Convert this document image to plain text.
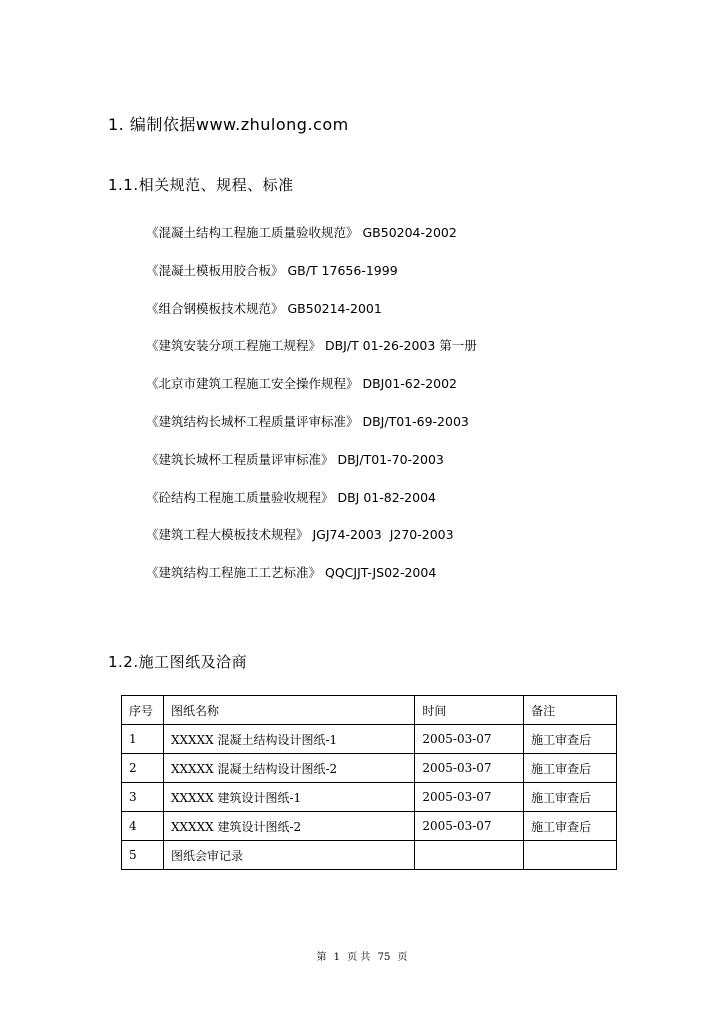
1. 编制依据www.zhulong.com
1.1.相关规范、规程、标准
《混凝土结构工程施工质量验收规范》 GB50204-2002
《混凝土模板用胶合板》 GB/T 17656-1999
《组合钢模板技术规范》 GB50214-2001
《建筑安装分项工程施工规程》 DBJ/T 01-26-2003 第一册
《北京市建筑工程施工安全操作规程》 DBJ01-62-2002
《建筑结构长城杯工程质量评审标准》 DBJ/T01-69-2003
《建筑长城杯工程质量评审标准》 DBJ/T01-70-2003
《砼结构工程施工质量验收规程》 DBJ 01-82-2004
《建筑工程大模板技术规程》 JGJ74-2003  J270-2003
《建筑结构工程施工工艺标准》 QQCJJT-JS02-2004
1.2.施工图纸及洽商
序号	图纸名称	时间	备注
1	XXXXX 混凝土结构设计图纸-1	2005-03-07	施工审查后
2	XXXXX 混凝土结构设计图纸-2	2005-03-07	施工审查后
3	XXXXX 建筑设计图纸-1	2005-03-07	施工审查后
4	XXXXX 建筑设计图纸-2	2005-03-07	施工审查后
5	图纸会审记录		
第 1 页 共 75 页
